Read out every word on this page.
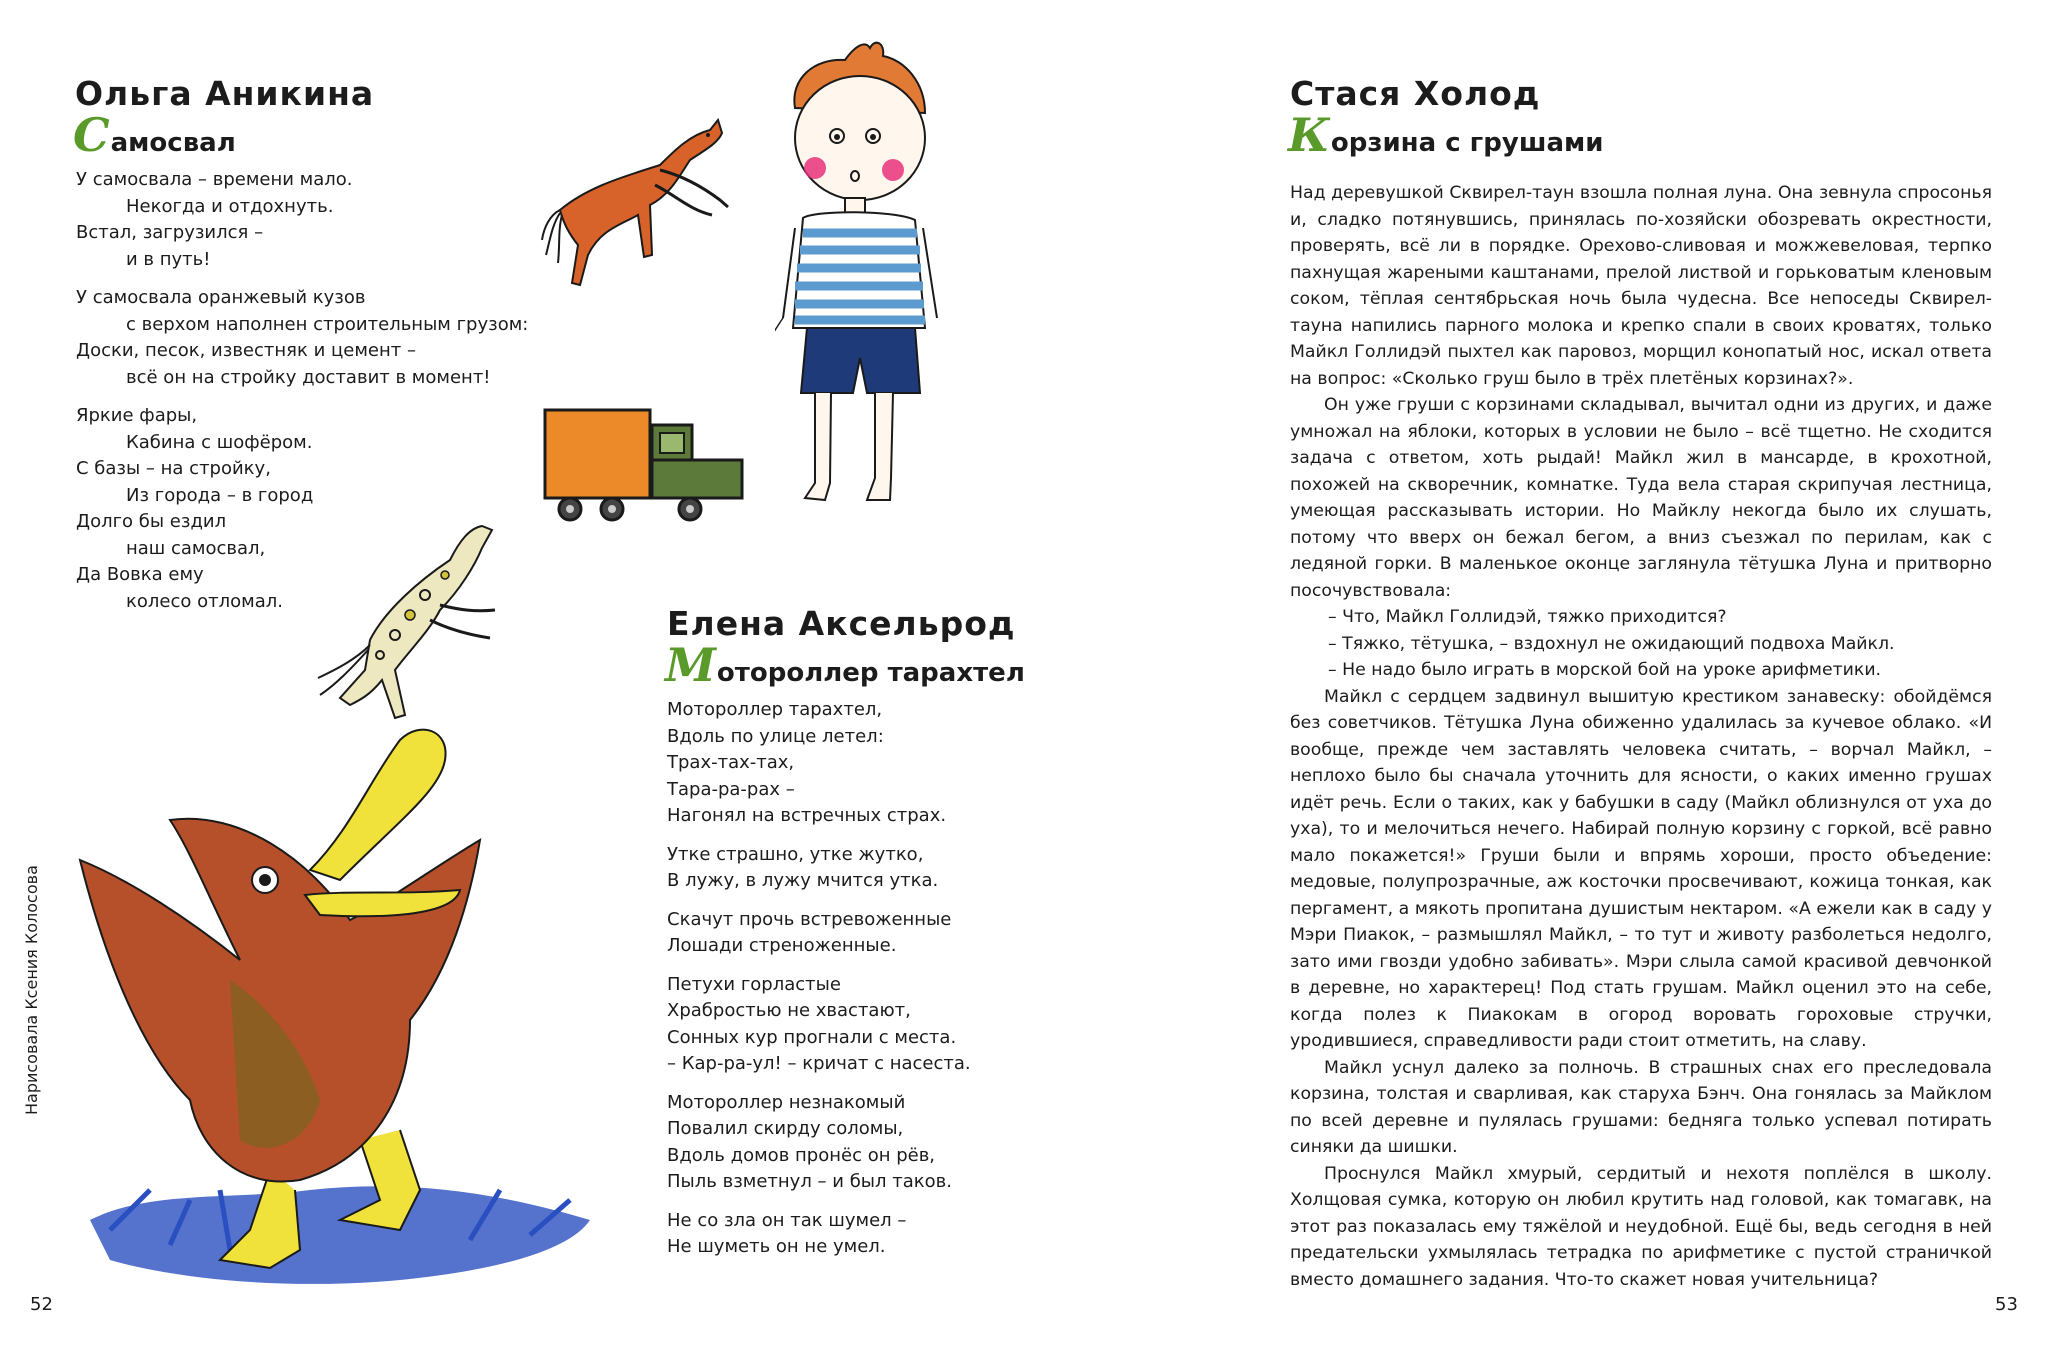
Ольга Аникина
Самосвал
У самосвала – времени мало.
Некогда и отдохнуть.
Встал, загрузился –
и в путь!
У самосвала оранжевый кузов
с верхом наполнен строительным грузом:
Доски, песок, известняк и цемент –
всё он на стройку доставит в момент!
Яркие фары,
Кабина с шофёром.
С базы – на стройку,
Из города – в город
Долго бы ездил
наш самосвал,
Да Вовка ему
колесо отломал.
Елена Аксельрод
Мотороллер тарахтел
Мотороллер тарахтел,
Вдоль по улице летел:
Трах-тах-тах,
Тара-ра-рах –
Нагонял на встречных страх.
Утке страшно, утке жутко,
В лужу, в лужу мчится утка.
Скачут прочь встревоженные
Лошади стреноженные.
Петухи горластые
Храбростью не хвастают,
Сонных кур прогнали с места.
– Кар-ра-ул! – кричат с насеста.
Мотороллер незнакомый
Повалил скирду соломы,
Вдоль домов пронёс он рёв,
Пыль взметнул – и был таков.
Не со зла он так шумел –
Не шуметь он не умел.
Нарисовала Ксения Колосова
52
Стася Холод
Корзина с грушами

Над деревушкой Сквирел-таун взошла полная луна. Она зевнула спросонья и, сладко потянувшись, принялась по-хозяйски обозревать окрестности, проверять, всё ли в порядке. Орехово-сливовая и можжевеловая, терпко пахнущая жареными каштанами, прелой листвой и горьковатым кленовым соком, тёплая сентябрьская ночь была чудесна. Все непоседы Сквирел-тауна напились парного молока и крепко спали в своих кроватях, только Майкл Голлидэй пыхтел как паровоз, морщил конопатый нос, искал ответа на вопрос: «Сколько груш было в трёх плетёных корзинах?».

Он уже груши с корзинами складывал, вычитал одни из других, и даже умножал на яблоки, которых в условии не было – всё тщетно. Не сходится задача с ответом, хоть рыдай! Майкл жил в мансарде, в крохотной, похожей на скворечник, комнатке. Туда вела старая скрипучая лестница, умеющая рассказывать истории. Но Майклу некогда было их слушать, потому что вверх он бежал бегом, а вниз съезжал по перилам, как с ледяной горки. В маленькое оконце заглянула тётушка Луна и притворно посочувствовала:

– Что, Майкл Голлидэй, тяжко приходится?

– Тяжко, тётушка, – вздохнул не ожидающий подвоха Майкл.

– Не надо было играть в морской бой на уроке арифметики.

Майкл с сердцем задвинул вышитую крестиком занавеску: обойдёмся без советчиков. Тётушка Луна обиженно удалилась за кучевое облако. «И вообще, прежде чем заставлять человека считать, – ворчал Майкл, – неплохо было бы сначала уточнить для ясности, о каких именно грушах идёт речь. Если о таких, как у бабушки в саду (Майкл облизнулся от уха до уха), то и мелочиться нечего. Набирай полную корзину с горкой, всё равно мало покажется!» Груши были и впрямь хороши, просто объедение: медовые, полупрозрачные, аж косточки просвечивают, кожица тонкая, как пергамент, а мякоть пропитана душистым нектаром. «А ежели как в саду у Мэри Пиакок, – размышлял Майкл, – то тут и животу разболеться недолго, зато ими гвозди удобно забивать». Мэри слыла самой красивой девчонкой в деревне, но характерец! Под стать грушам. Майкл оценил это на себе, когда полез к Пиакокам в огород воровать гороховые стручки, уродившиеся, справедливости ради стоит отметить, на славу.

Майкл уснул далеко за полночь. В страшных снах его преследовала корзина, толстая и сварливая, как старуха Бэнч. Она гонялась за Майклом по всей деревне и пулялась грушами: бедняга только успевал потирать синяки да шишки.

Проснулся Майкл хмурый, сердитый и нехотя поплёлся в школу. Холщовая сумка, которую он любил крутить над головой, как томагавк, на этот раз показалась ему тяжёлой и неудобной. Ещё бы, ведь сегодня в ней предательски ухмылялась тетрадка по арифметике с пустой страничкой вместо домашнего задания. Что-то скажет новая учительница?

53
